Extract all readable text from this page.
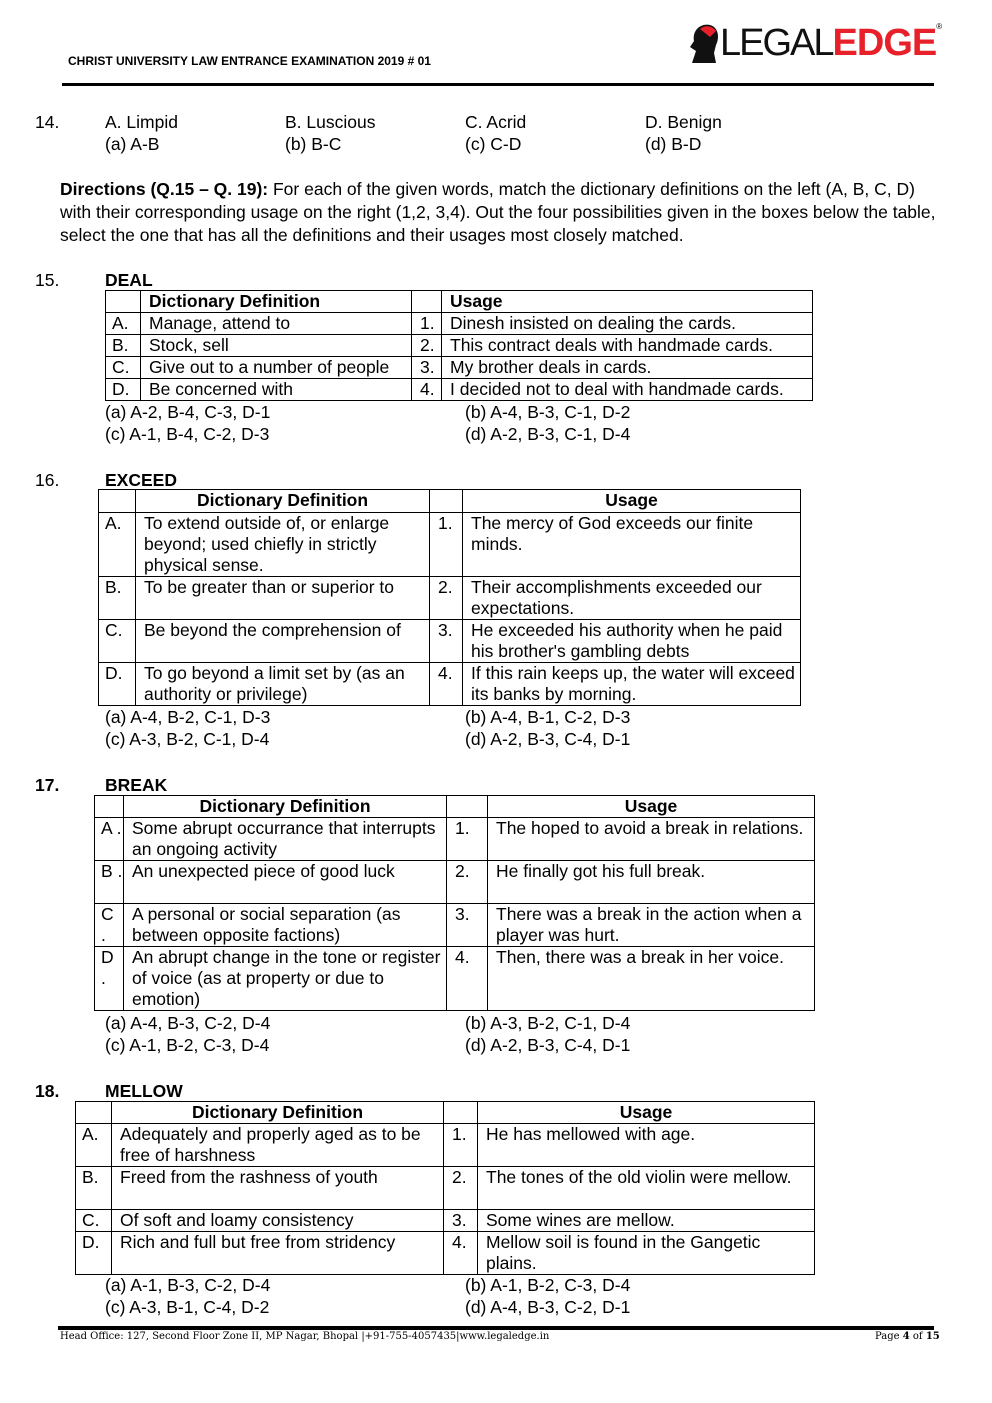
CHRIST UNIVERSITY LAW ENTRANCE EXAMINATION 2019 # 01	LEGAL EDGE ®
14.	A. Limpid	B. Luscious	C. Acrid	D. Benign
(a) A-B	(b) B-C	(c) C-D	(d) B-D
Directions (Q.15 – Q. 19): For each of the given words, match the dictionary definitions on the left (A, B, C, D) with their corresponding usage on the right (1,2, 3,4). Out the four possibilities given in the boxes below the table, select the one that has all the definitions and their usages most closely matched.
15.	DEAL
	Dictionary Definition		Usage
A.	Manage, attend to	1.	Dinesh insisted on dealing the cards.
B.	Stock, sell	2.	This contract deals with handmade cards.
C.	Give out to a number of people	3.	My brother deals in cards.
D.	Be concerned with	4.	I decided not to deal with handmade cards.
(a) A-2, B-4, C-3, D-1	(b) A-4, B-3, C-1, D-2
(c) A-1, B-4, C-2, D-3	(d) A-2, B-3, C-1, D-4
16.	EXCEED
	Dictionary Definition		Usage
A.	To extend outside of, or enlarge beyond; used chiefly in strictly physical sense.	1.	The mercy of God exceeds our finite minds.
B.	To be greater than or superior to	2.	Their accomplishments exceeded our expectations.
C.	Be beyond the comprehension of	3.	He exceeded his authority when he paid his brother's gambling debts
D.	To go beyond a limit set by (as an authority or privilege)	4.	If this rain keeps up, the water will exceed its banks by morning.
(a) A-4, B-2, C-1, D-3	(b) A-4, B-1, C-2, D-3
(c) A-3, B-2, C-1, D-4	(d) A-2, B-3, C-4, D-1
17.	BREAK
	Dictionary Definition		Usage
A .	Some abrupt occurrance that interrupts an ongoing activity	1.	The hoped to avoid a break in relations.
B .	An unexpected piece of good luck	2.	He finally got his full break.
C .	A personal or social separation (as between opposite factions)	3.	There was a break in the action when a player was hurt.
D .	An abrupt change in the tone or register of voice (as at property or due to emotion)	4.	Then, there was a break in her voice.
(a) A-4, B-3, C-2, D-4	(b) A-3, B-2, C-1, D-4
(c) A-1, B-2, C-3, D-4	(d) A-2, B-3, C-4, D-1
18.	MELLOW
	Dictionary Definition		Usage
A.	Adequately and properly aged as to be free of harshness	1.	He has mellowed with age.
B.	Freed from the rashness of youth	2.	The tones of the old violin were mellow.
C.	Of soft and loamy consistency	3.	Some wines are mellow.
D.	Rich and full but free from stridency	4.	Mellow soil is found in the Gangetic plains.
(a) A-1, B-3, C-2, D-4	(b) A-1, B-2, C-3, D-4
(c) A-3, B-1, C-4, D-2	(d) A-4, B-3, C-2, D-1
Head Office: 127, Second Floor Zone II, MP Nagar, Bhopal |+91-755-4057435|www.legaledge.in	Page 4 of 15
